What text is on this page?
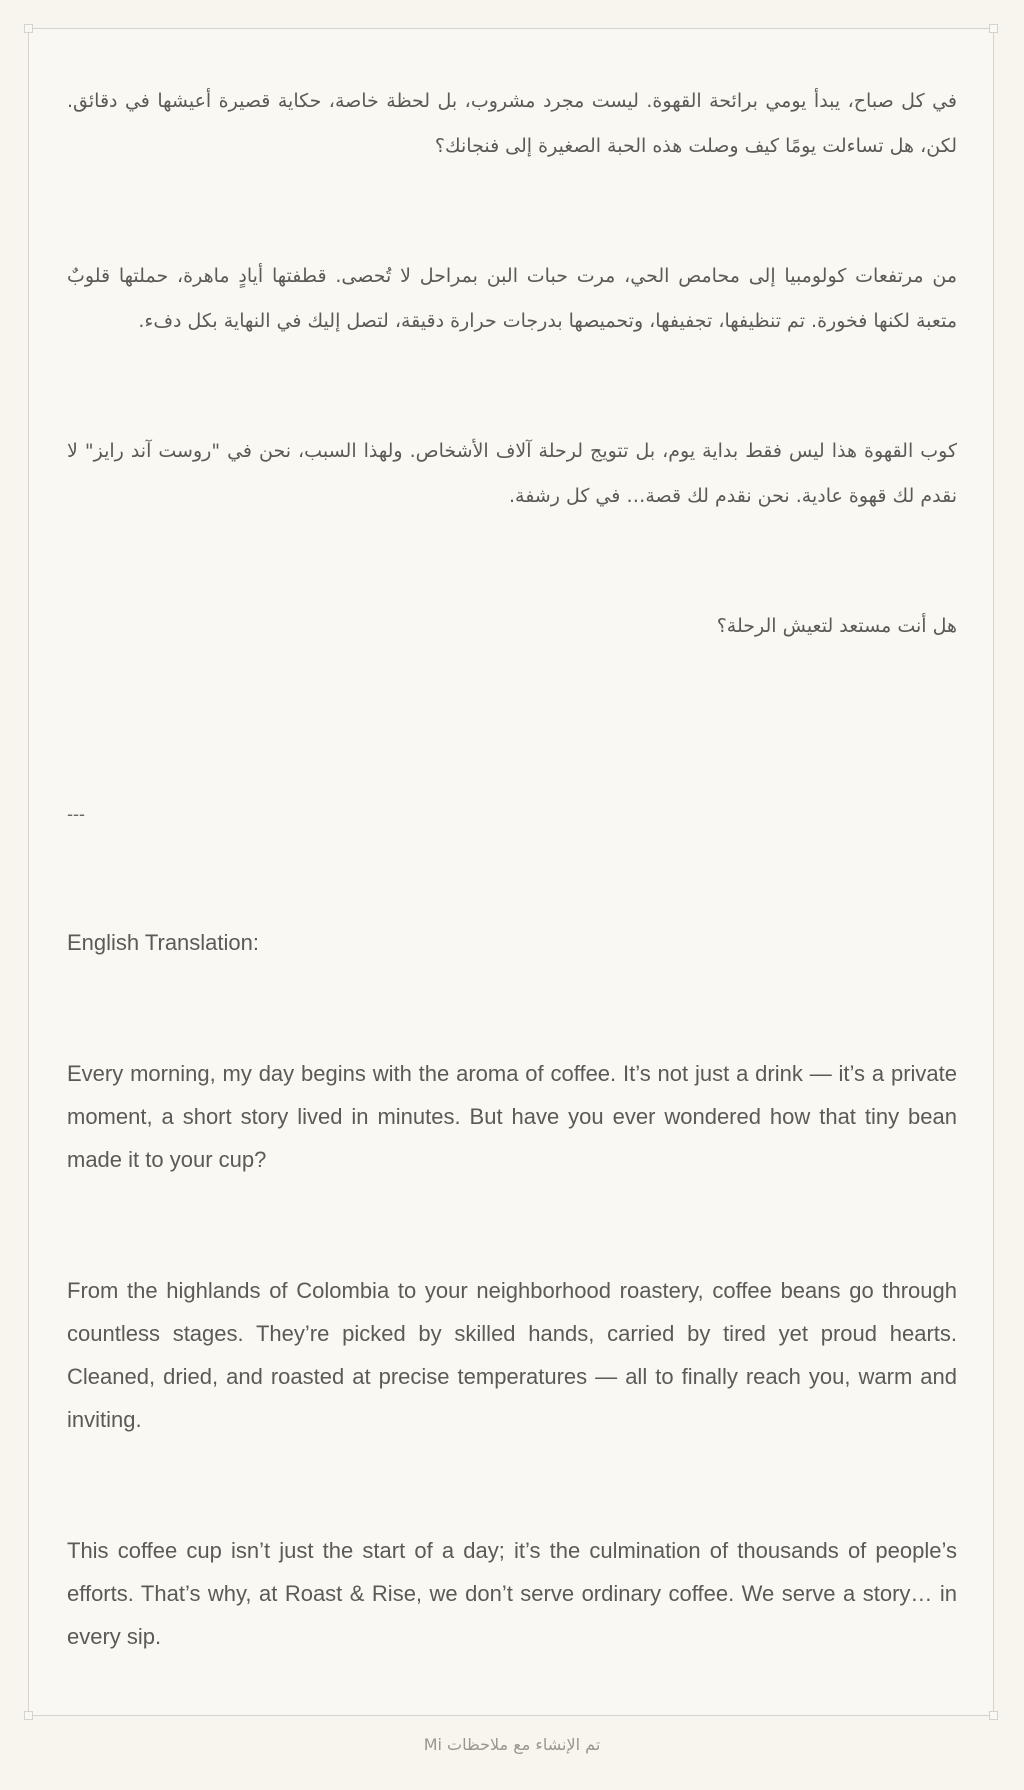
في كل صباح، يبدأ يومي برائحة القهوة. ليست مجرد مشروب، بل لحظة خاصة، حكاية قصيرة أعيشها في دقائق. لكن، هل تساءلت يومًا كيف وصلت هذه الحبة الصغيرة إلى فنجانك؟

من مرتفعات كولومبيا إلى محامص الحي، مرت حبات البن بمراحل لا تُحصى. قطفتها أيادٍ ماهرة، حملتها قلوبٌ متعبة لكنها فخورة. تم تنظيفها، تجفيفها، وتحميصها بدرجات حرارة دقيقة، لتصل إليك في النهاية بكل دفء.

كوب القهوة هذا ليس فقط بداية يوم، بل تتويج لرحلة آلاف الأشخاص. ولهذا السبب، نحن في "روست آند رايز" لا نقدم لك قهوة عادية. نحن نقدم لك قصة… في كل رشفة.

هل أنت مستعد لتعيش الرحلة؟

---

English Translation:

Every morning, my day begins with the aroma of coffee. It’s not just a drink — it’s a private moment, a short story lived in minutes. But have you ever wondered how that tiny bean made it to your cup?

From the highlands of Colombia to your neighborhood roastery, coffee beans go through countless stages. They’re picked by skilled hands, carried by tired yet proud hearts. Cleaned, dried, and roasted at precise temperatures — all to finally reach you, warm and inviting.

This coffee cup isn’t just the start of a day; it’s the culmination of thousands of people’s efforts. That’s why, at Roast & Rise, we don’t serve ordinary coffee. We serve a story… in every sip.

تم الإنشاء مع ملاحظات Mi
